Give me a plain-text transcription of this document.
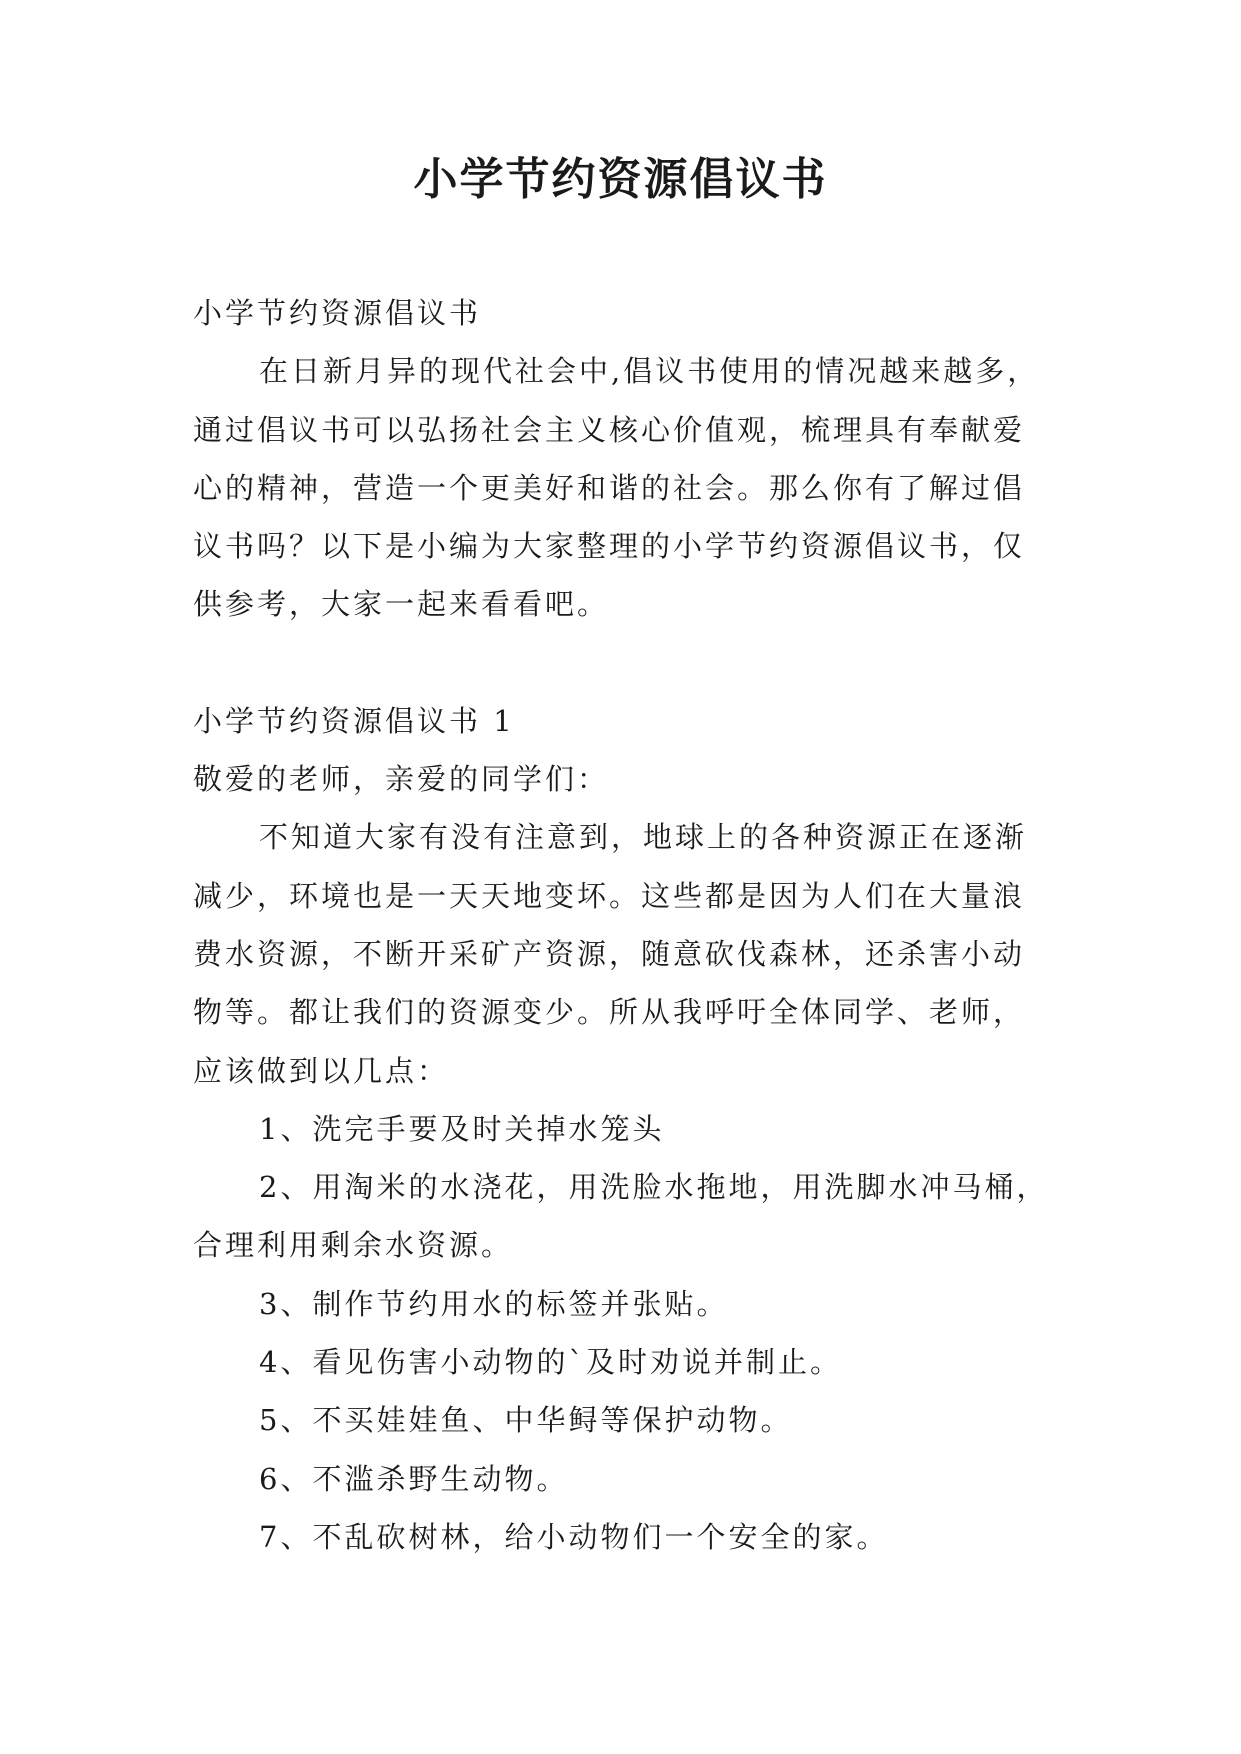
小学节约资源倡议书

小学节约资源倡议书

在日新月异的现代社会中,倡议书使用的情况越来越多，

通过倡议书可以弘扬社会主义核心价值观，梳理具有奉献爱

心的精神，营造一个更美好和谐的社会。那么你有了解过倡

议书吗？以下是小编为大家整理的小学节约资源倡议书，仅

供参考，大家一起来看看吧。

小学节约资源倡议书 1

敬爱的老师，亲爱的同学们：

不知道大家有没有注意到，地球上的各种资源正在逐渐

减少，环境也是一天天地变坏。这些都是因为人们在大量浪

费水资源，不断开采矿产资源，随意砍伐森林，还杀害小动

物等。都让我们的资源变少。所从我呼吁全体同学、老师，

应该做到以几点：

1、洗完手要及时关掉水笼头

2、用淘米的水浇花，用洗脸水拖地，用洗脚水冲马桶，

合理利用剩余水资源。

3、制作节约用水的标签并张贴。

4、看见伤害小动物的`及时劝说并制止。

5、不买娃娃鱼、中华鲟等保护动物。

6、不滥杀野生动物。

7、不乱砍树林，给小动物们一个安全的家。
